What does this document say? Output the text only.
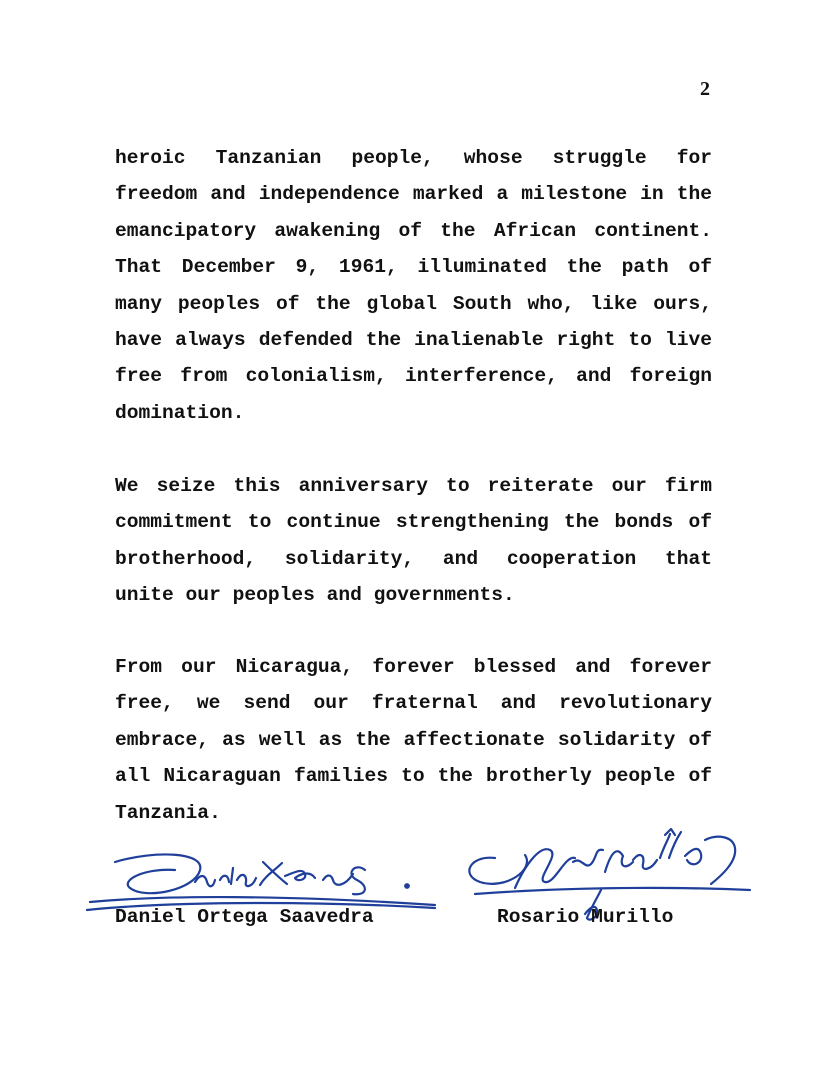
2

heroic Tanzanian people, whose struggle for freedom and independence marked a milestone in the emancipatory awakening of the African continent. That December 9, 1961, illuminated the path of many peoples of the global South who, like ours, have always defended the inalienable right to live free from colonialism, interference, and foreign domination.

We seize this anniversary to reiterate our firm commitment to continue strengthening the bonds of brotherhood, solidarity, and cooperation that unite our peoples and governments.

From our Nicaragua, forever blessed and forever free, we send our fraternal and revolutionary embrace, as well as the affectionate solidarity of all Nicaraguan families to the brotherly people of Tanzania.

Daniel Ortega Saavedra	Rosario Murillo
